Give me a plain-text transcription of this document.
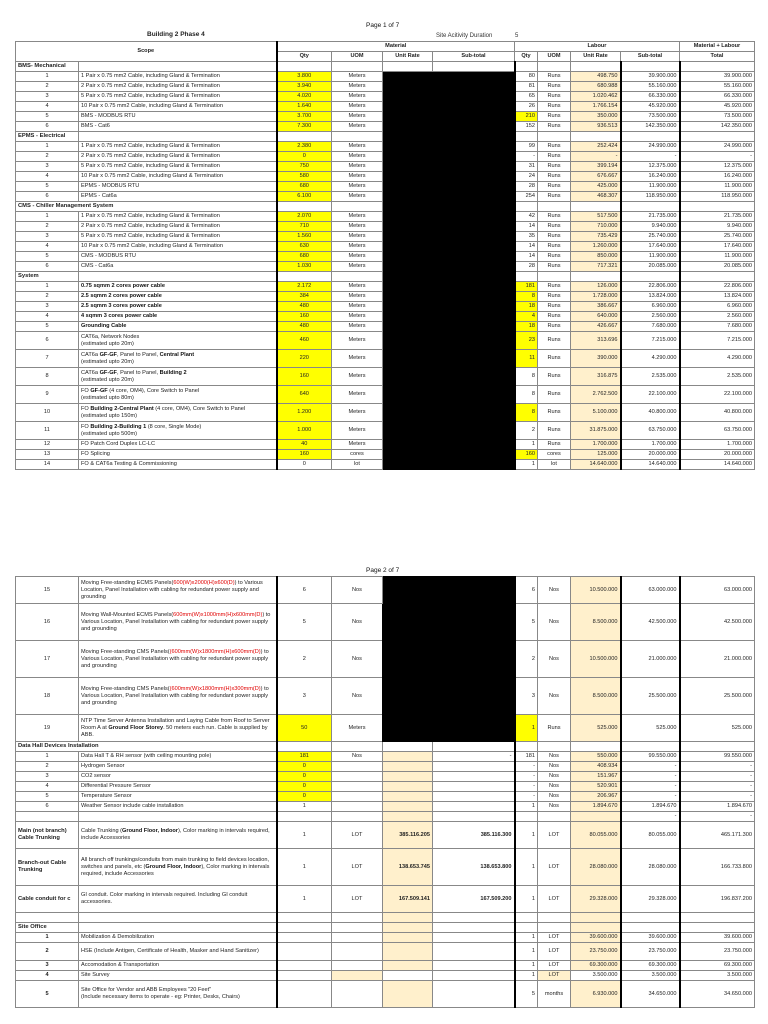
Page 1 of 7
Building 2 Phase 4	Site Acitivity Duration	5
Scope		Material				Labour				Material + Labour
		Qty	UOM	Unit Rate	Sub-total	Qty	UOM	Unit Rate	Sub-total	Total
BMS- Mechanical										
1	1 Pair x 0.75 mm2 Cable, including Gland & Termination	3.800	Meters			80	Runs	498.750	39.900.000	39.900.000
2	2 Pair x 0.75 mm2 Cable, including Gland & Termination	3.940	Meters			81	Runs	680.988	55.160.000	55.160.000
3	5 Pair x 0.75 mm2 Cable, including Gland & Termination	4.020	Meters			65	Runs	1.020.462	66.330.000	66.330.000
4	10 Pair x 0.75 mm2 Cable, including Gland & Termination	1.640	Meters			26	Runs	1.766.154	45.920.000	45.920.000
5	BMS - MODBUS RTU	3.700	Meters			210	Runs	350.000	73.500.000	73.500.000
6	BMS - Cat6	7.300	Meters			152	Runs	936.513	142.350.000	142.350.000
EPMS - Electrical										
1	1 Pair x 0.75 mm2 Cable, including Gland & Termination	2.380	Meters			99	Runs	252.424	24.990.000	24.990.000
2	2 Pair x 0.75 mm2 Cable, including Gland & Termination	0	Meters			-	Runs	-	-	-
3	5 Pair x 0.75 mm2 Cable, including Gland & Termination	750	Meters			31	Runs	399.194	12.375.000	12.375.000
4	10 Pair x 0.75 mm2 Cable, including Gland & Termination	580	Meters			24	Runs	676.667	16.240.000	16.240.000
5	EPMS - MODBUS RTU	680	Meters			28	Runs	425.000	11.900.000	11.900.000
6	EPMS - Cat6a	6.100	Meters			254	Runs	468.307	118.950.000	118.950.000
CMS - Chiller Management System										
1	1 Pair x 0.75 mm2 Cable, including Gland & Termination	2.070	Meters			42	Runs	517.500	21.735.000	21.735.000
2	2 Pair x 0.75 mm2 Cable, including Gland & Termination	710	Meters			14	Runs	710.000	9.940.000	9.940.000
3	5 Pair x 0.75 mm2 Cable, including Gland & Termination	1.560	Meters			35	Runs	735.429	25.740.000	25.740.000
4	10 Pair x 0.75 mm2 Cable, including Gland & Termination	630	Meters			14	Runs	1.260.000	17.640.000	17.640.000
5	CMS - MODBUS RTU	680	Meters			14	Runs	850.000	11.900.000	11.900.000
6	CMS - Cat6a	1.030	Meters			28	Runs	717.321	20.085.000	20.085.000
System										
1	0.75 sqmm 2 cores power cable	2.172	Meters			181	Runs	126.000	22.806.000	22.806.000
2	2.5 sqmm 2 cores power cable	384	Meters			8	Runs	1.728.000	13.824.000	13.824.000
3	2.5 sqmm 3 cores power cable	480	Meters			18	Runs	386.667	6.960.000	6.960.000
4	4 sqmm 3 cores power cable	160	Meters			4	Runs	640.000	2.560.000	2.560.000
5	Grounding Cable	480	Meters			18	Runs	426.667	7.680.000	7.680.000
6	CAT6a, Network Nodes
(estimated upto 20m)	460	Meters			23	Runs	313.696	7.215.000	7.215.000
7	CAT6a GF-GF, Panel to Panel, Central Plant
(estimated upto 20m)	220	Meters			11	Runs	390.000	4.290.000	4.290.000
8	CAT6a GF-GF, Panel to Panel, Building 2
(estimated upto 20m)	160	Meters			8	Runs	316.875	2.535.000	2.535.000
9	FO GF-GF (4 core, OM4), Core Switch to Panel
(estimated upto 80m)	640	Meters			8	Runs	2.762.500	22.100.000	22.100.000
10	FO Building 2-Central Plant (4 core, OM4), Core Switch to Panel
(estimated upto 150m)	1.200	Meters			8	Runs	5.100.000	40.800.000	40.800.000
11	FO Building 2-Building 1 (8 core, Single Mode)
(estimated upto 500m)	1.000	Meters			2	Runs	31.875.000	63.750.000	63.750.000
12	FO Patch Cord Duplex LC-LC	40	Meters			1	Runs	1.700.000	1.700.000	1.700.000
13	FO Splicing	160	cores			160	cores	125.000	20.000.000	20.000.000
14	FO & CAT6a Testing & Commissioning	0	lot			1	lot	14.640.000	14.640.000	14.640.000
Page 2 of 7
15	Moving Free-standing ECMS Panels(600(W)x2000(H)x600(D)) to Various Location, Panel Installation with cabling for redundant power supply and grounding	6	Nos			6	Nos	10.500.000	63.000.000	63.000.000
16	Moving Wall-Mounted ECMS Panels(600mm(W)x1000mm(H)x600mm(D)) to Various Location, Panel Installation with cabling for redundant power supply and grounding	5	Nos			5	Nos	8.500.000	42.500.000	42.500.000
17	Moving Free-standing CMS Panels((600mm(W)x1800mm(H)x600mm(D)) to Various Location, Panel Installation with cabling for redundant power supply and grounding	2	Nos			2	Nos	10.500.000	21.000.000	21.000.000
18	Moving Free-standing CMS Panels((600mm(W)x1800mm(H)x300mm(D)) to Various Location, Panel Installation with cabling for redundant power supply and grounding	3	Nos			3	Nos	8.500.000	25.500.000	25.500.000
19	NTP Time Server Antenna Installation and Laying Cable from Roof to Server Room A at Ground Floor Storey. 50 meters each run. Cable is supplied by ABB.	50	Meters			1	Runs	525.000	525.000	525.000
Data Hall Devices Installation										
1	Data Hall T & RH sensor (with ceiling mounting pole)	181	Nos		-	181	Nos	550.000	99.550.000	99.550.000
2	Hydrogen Sensor	0				-	Nos	408.934	-	-
3	CO2 sensor	0				-	Nos	151.967	-	-
4	Differential Pressure Sensor	0				-	Nos	520.901	-	-
5	Temperature Sensor	0				-	Nos	206.967	-	-
6	Weather Sensor include cable installation	1				1	Nos	1.894.670	1.894.670	1.894.670
									-	-
Main (not branch) Cable Trunking	Cable Trunking (Ground Floor, Indoor), Color marking in intervals required, include Accessories	1	LOT	385.116.205	385.116.300	1	LOT	80.055.000	80.055.000	465.171.300
Branch-out Cable Trunking	All branch off trunkings/conduits from main trunking to field devices location, switches and panels, etc (Ground Floor, Indoor), Color marking in intervals required, include Accessories	1	LOT	138.653.745	138.653.800	1	LOT	28.080.000	28.080.000	166.733.800
Cable conduit for c	GI conduit. Color marking in intervals required. Including GI conduit accessories.	1	LOT	167.509.141	167.509.200	1	LOT	29.328.000	29.328.000	196.837.200

Site Office										
1	Mobilization & Demobilization					1	LOT	39.600.000	39.600.000	39.600.000
2	HSE (Include Antigen, Certificate of Health, Masker and Hand Sanitizer)					1	LOT	23.750.000	23.750.000	23.750.000
3	Accomodation & Transportation					1	LOT	69.300.000	69.300.000	69.300.000
4	Site Survey					1	LOT	3.500.000	3.500.000	3.500.000
5	Site Office for Vendor and ABB Employees "20 Feet"
(Include necessary items to operate - eg: Printer, Desks, Chairs)					5	months	6.930.000	34.650.000	34.650.000
